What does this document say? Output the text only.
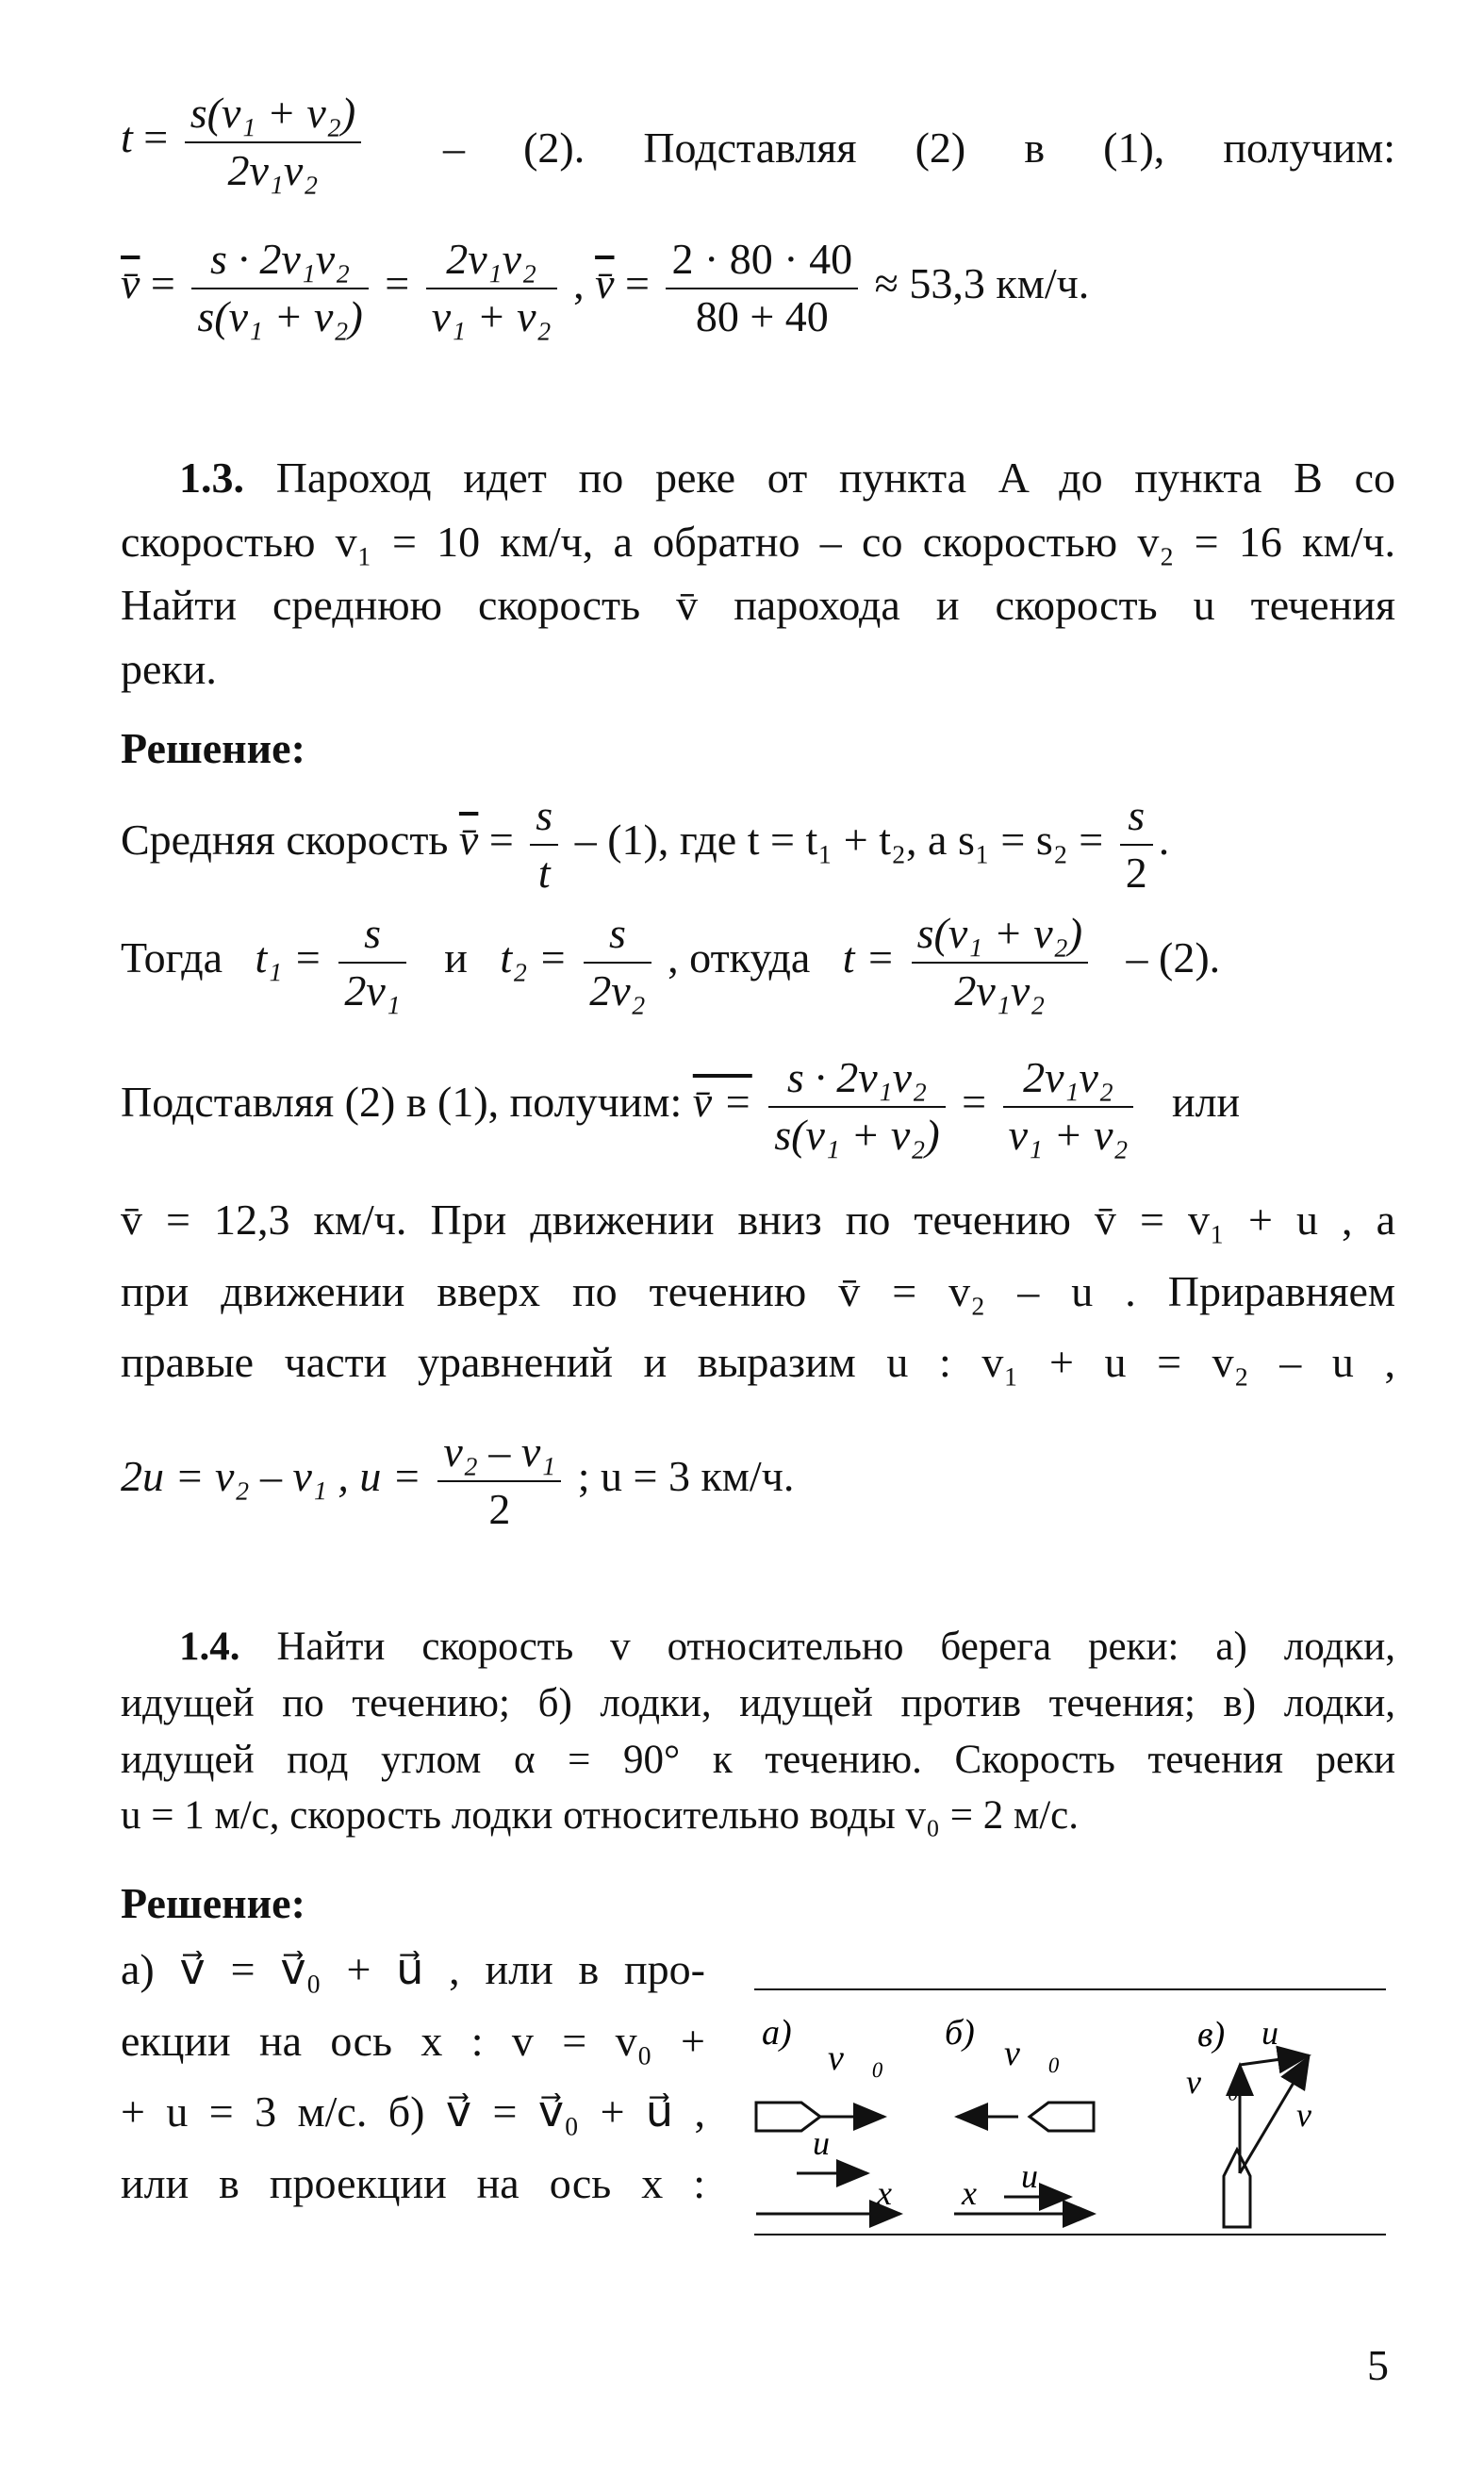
$t = \frac{\text{s(v₁ + v₂)}}{\text{2v₁v₂}} - (2)$. Подставляя (2) в (1), получим:
v̄ = $\frac{\text{s · 2v₁v₂}}{\text{s(v₁ + v₂)}} = \frac{\text{2v₁v₂}}{\text{v₁ + v₂}}$ , v̄ = $\frac{2 \cdot 80 \cdot 40}{80 + 40} \approx 53,3$ км/ч.
1.3. Пароход идет по реке от пункта A до пункта B со
скоростью v₁ = 10 км/ч, а обратно – со скоростью v₂ = 16 км/ч.
Найти среднюю скорость v̄ парохода и скорость u течения
реки.
Решение:
Средняя скорость v̄ = $\frac{s}{t} - (1)$, где t = t₁ + t₂, а $s_1 = s_2 = \frac{s}{2}$ .
Тогда $t_1 = \frac{s}{\text{2v₁}}$ и $t_2 = \frac{s}{\text{2v₂}}$ , откуда $t = \frac{\text{s(v₁ + v₂)}}{\text{2v₁v₂}} - (2)$.
Подставляя (2) в (1), получим: v̄ = $\frac{\text{s · 2v₁v₂}}{\text{s(v₁ + v₂)}} = \frac{\text{2v₁v₂}}{\text{v₁ + v₂}}$ или
v̄ = 12,3 км/ч. При движении вниз по течению v̄ = v₁ + u , а
при движении вверх по течению v̄ = v₂ – u . Приравняем
правые части уравнений и выразим u : v₁ + u = v₂ – u ,
2u = v₂ – v₁ , $u = \frac{\text{v₂ – v₁}}{2}$ ; u = 3 км/ч.
1.4. Найти скорость v относительно берега реки: а) лодки,
идущей по течению; б) лодки, идущей против течения; в) лодки,
идущей под углом α = 90° к течению. Скорость течения реки
u = 1 м/с, скорость лодки относительно воды v₀ = 2 м/с.
Решение:
а) v⃗ = v⃗₀ + u⃗ , или в про-
екции на ось x : v = v₀ +
+ u = 3 м/с. б) v⃗ = v⃗₀ + u⃗ ,
или в проекции на ось x :
а)
v⃗₀
u
x
б)
v⃗₀
x u
в) u
v⃗₀
v⃗
5
